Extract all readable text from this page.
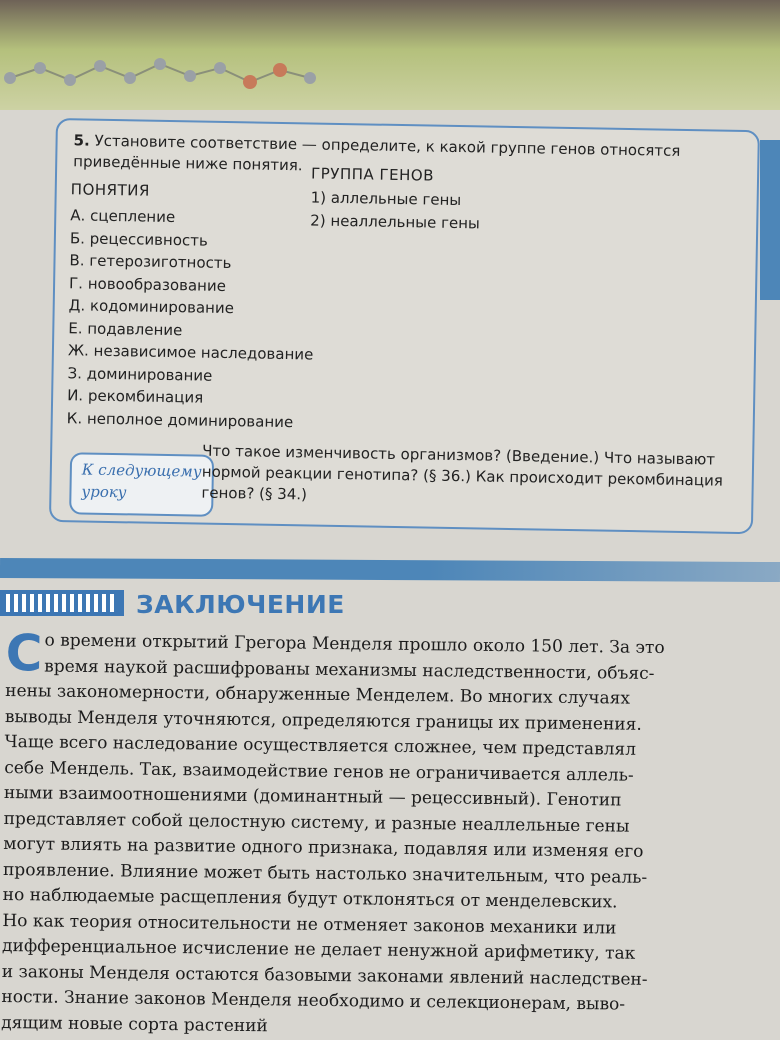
5. Установите соответствие — определите, к какой группе генов относятся приведённые ниже понятия.
ПОНЯТИЯ
ГРУППА ГЕНОВ
А. сцепление
Б. рецессивность
В. гетерозиготность
Г. новообразование
Д. кодоминирование
Е. подавление
Ж. независимое наследование
З. доминирование
И. рекомбинация
К. неполное доминирование
1) аллельные гены
2) неаллельные гены
К следующему уроку
Что такое изменчивость организмов? (Введение.) Что называют нормой реакции генотипа? (§ 36.) Как происходит рекомбинация генов? (§ 34.)
ЗАКЛЮЧЕНИЕ
С о времени открытий Грегора Менделя прошло около 150 лет. За это
время наукой расшифрованы механизмы наследственности, объяс-
нены закономерности, обнаруженные Менделем. Во многих случаях
выводы Менделя уточняются, определяются границы их применения.
Чаще всего наследование осуществляется сложнее, чем представлял
себе Мендель. Так, взаимодействие генов не ограничивается аллель-
ными взаимоотношениями (доминантный — рецессивный). Генотип
представляет собой целостную систему, и разные неаллельные гены
могут влиять на развитие одного признака, подавляя или изменяя его
проявление. Влияние может быть настолько значительным, что реаль-
но наблюдаемые расщепления будут отклоняться от менделевских.
Но как теория относительности не отменяет законов механики или
дифференциальное исчисление не делает ненужной арифметику, так
и законы Менделя остаются базовыми законами явлений наследствен-
ности. Знание законов Менделя необходимо и селекционерам, выво-
дящим новые сорта растений
